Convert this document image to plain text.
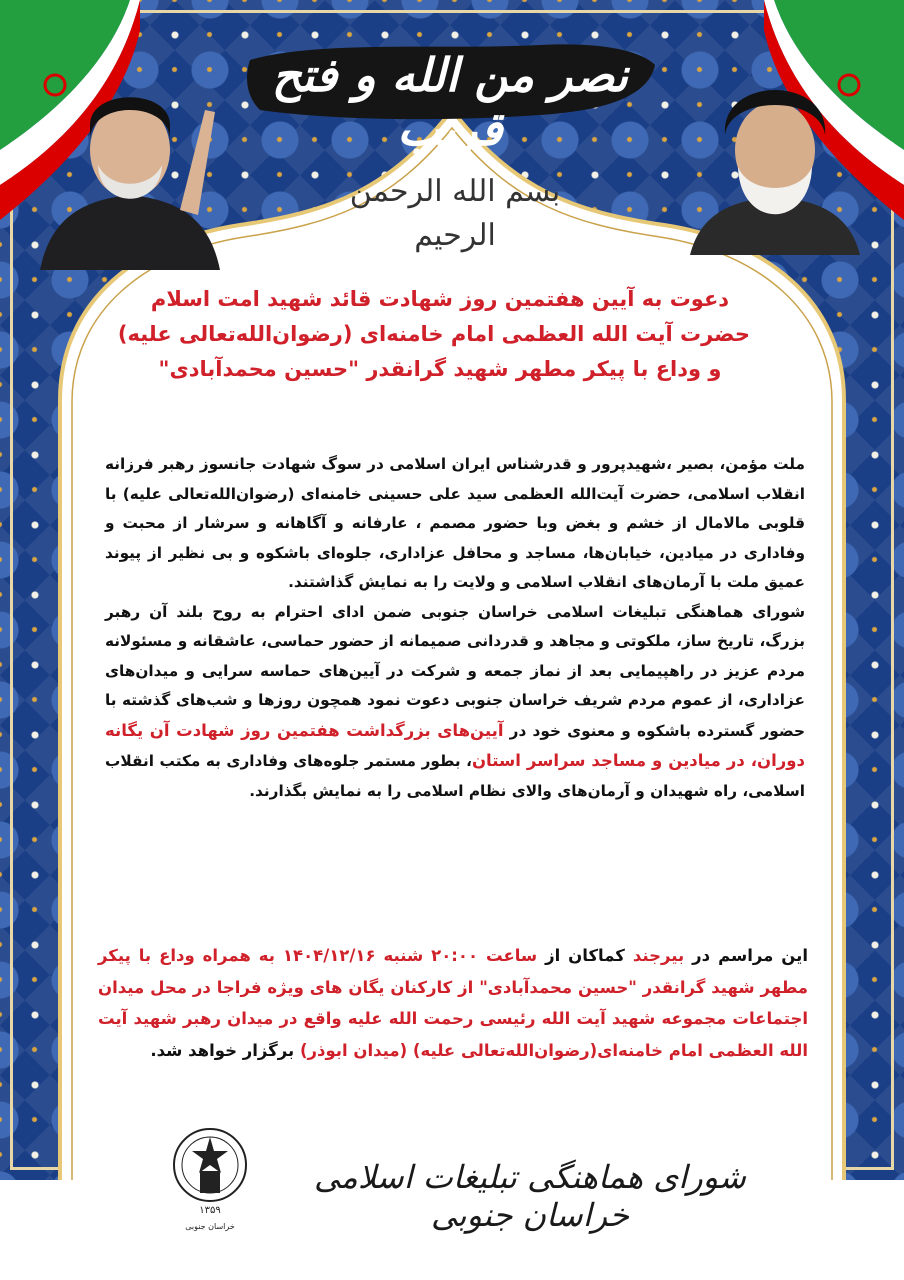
نصر من الله و فتح قریب
بسم الله الرحمن الرحیم
دعوت به آیین هفتمین روز شهادت قائد شهید امت اسلام
حضرت آیت الله العظمی امام خامنه‌ای (رضوان‌الله‌تعالی علیه)
و وداع با پیکر مطهر شهید گرانقدر "حسین محمدآبادی"
ملت مؤمن، بصیر ،شهیدپرور و قدرشناس ایران اسلامی در سوگ شهادت جانسوز رهبر فرزانه انقلاب اسلامی، حضرت آیت‌الله العظمی سید علی حسینی خامنه‌ای (رضوان‌الله‌تعالی علیه) با قلوبی مالامال از خشم و بغض وبا حضور مصمم ، عارفانه و آگاهانه و سرشار از محبت و وفاداری در میادین، خیابان‌ها، مساجد و محافل عزاداری، جلوه‌ای باشکوه و بی نظیر از پیوند عمیق ملت با آرمان‌های انقلاب اسلامی و ولایت را به نمایش گذاشتند.
شورای هماهنگی تبلیغات اسلامی خراسان جنوبی ضمن ادای احترام به روح بلند آن رهبر بزرگ، تاریخ ساز، ملکوتی و مجاهد و قدردانی صمیمانه از حضور حماسی، عاشقانه و مسئولانه مردم عزیز در راهپیمایی بعد از نماز جمعه و شرکت در آیین‌های حماسه سرایی و میدان‌های عزاداری، از عموم مردم شریف خراسان جنوبی دعوت نمود همچون روزها و شب‌های گذشته با حضور گسترده باشکوه و معنوی خود در آیین‌های بزرگداشت هفتمین روز شهادت آن یگانه دوران، در میادین و مساجد سراسر استان، بطور مستمر جلوه‌های وفاداری به مکتب انقلاب اسلامی، راه شهیدان و آرمان‌های والای نظام اسلامی را به نمایش بگذارند.
این مراسم در بیرجند کماکان از ساعت ۲۰:۰۰ شنبه ۱۴۰۴/۱۲/۱۶ به همراه وداع با پیکر مطهر شهید گرانقدر "حسین محمدآبادی" از کارکنان یگان های ویژه فراجا در محل میدان اجتماعات مجموعه شهید آیت الله رئیسی رحمت الله علیه واقع در میدان رهبر شهید آیت الله العظمی امام خامنه‌ای(رضوان‌الله‌تعالی علیه) (میدان ابوذر) برگزار خواهد شد.
۱۳۵۹
خراسان جنوبی
شورای هماهنگی تبلیغات اسلامی خراسان جنوبی
